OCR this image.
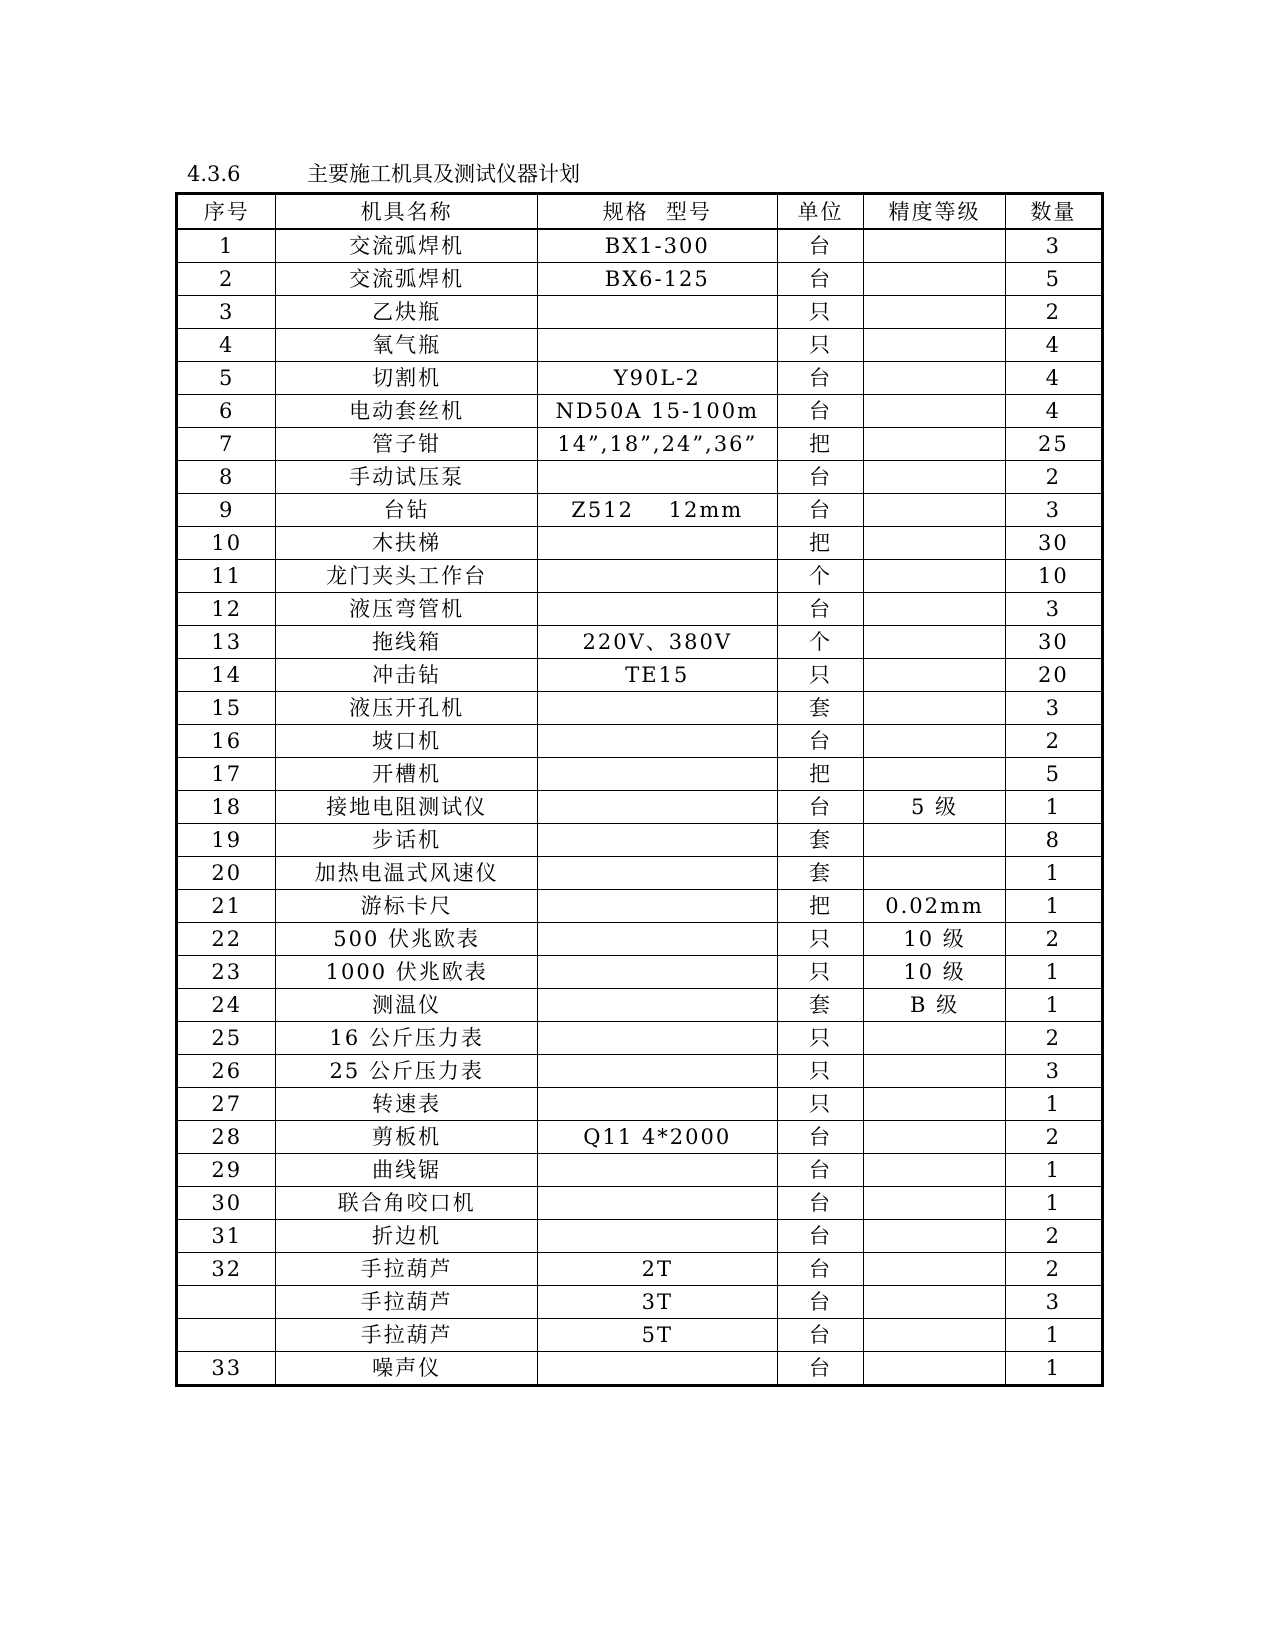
4.3.6	主要施工机具及测试仪器计划
序号	机具名称	规格  型号	单位	精度等级	数量
1	交流弧焊机	BX1-300	台		3
2	交流弧焊机	BX6-125	台		5
3	乙炔瓶		只		2
4	氧气瓶		只		4
5	切割机	Y90L-2	台		4
6	电动套丝机	ND50A 15-100m	台		4
7	管子钳	14”,18”,24”,36”	把		25
8	手动试压泵		台		2
9	台钻	Z512    12mm	台		3
10	木扶梯		把		30
11	龙门夹头工作台		个		10
12	液压弯管机		台		3
13	拖线箱	220V、380V	个		30
14	冲击钻	TE15	只		20
15	液压开孔机		套		3
16	坡口机		台		2
17	开槽机		把		5
18	接地电阻测试仪		台	5 级	1
19	步话机		套		8
20	加热电温式风速仪		套		1
21	游标卡尺		把	0.02mm	1
22	500 伏兆欧表		只	10 级	2
23	1000 伏兆欧表		只	10 级	1
24	测温仪		套	B 级	1
25	16 公斤压力表		只		2
26	25 公斤压力表		只		3
27	转速表		只		1
28	剪板机	Q11 4*2000	台		2
29	曲线锯		台		1
30	联合角咬口机		台		1
31	折边机		台		2
32	手拉葫芦	2T	台		2
	手拉葫芦	3T	台		3
	手拉葫芦	5T	台		1
33	噪声仪		台		1
